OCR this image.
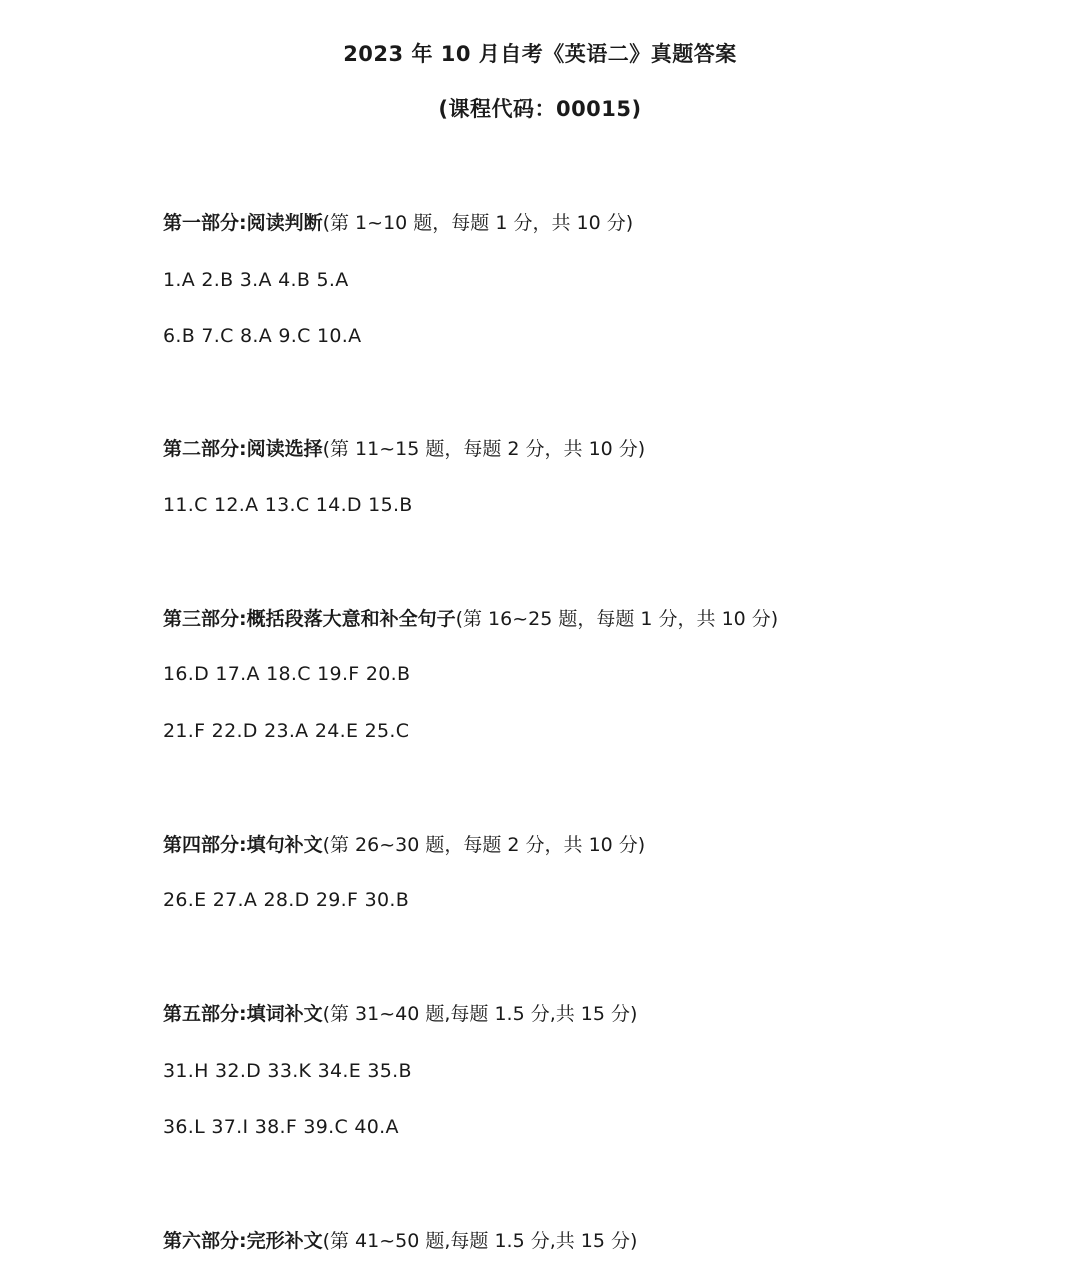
2023 年 10 月自考《英语二》真题答案
(课程代码：00015)
第一部分:阅读判断(第 1~10 题，每题 1 分，共 10 分)
1.A 2.B 3.A 4.B 5.A
6.B 7.C 8.A 9.C 10.A
第二部分:阅读选择(第 11~15 题，每题 2 分，共 10 分)
11.C 12.A 13.C 14.D 15.B
第三部分:概括段落大意和补全句子(第 16~25 题，每题 1 分，共 10 分)
16.D 17.A 18.C 19.F 20.B
21.F 22.D 23.A 24.E 25.C
第四部分:填句补文(第 26~30 题，每题 2 分，共 10 分)
26.E 27.A 28.D 29.F 30.B
第五部分:填词补文(第 31~40 题,每题 1.5 分,共 15 分)
31.H 32.D 33.K 34.E 35.B
36.L 37.I 38.F 39.C 40.A
第六部分:完形补文(第 41~50 题,每题 1.5 分,共 15 分)
